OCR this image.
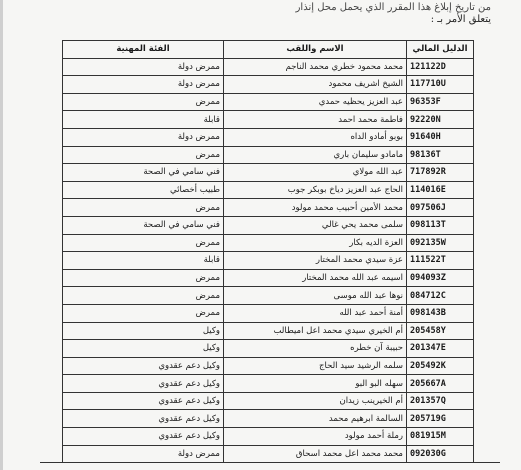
من تاريخ إبلاغ هذا المقرر الذي يحمل محل إنذار
يتعلق الأمر بـ :
الدليل المالي	الاسم واللقب	الفئة المهنية
121122D	محمد محمود خطري محمد الناجم	ممرض دولة
117710U	الشيخ اشريف محمود	ممرض دولة
96353F	عبد العزيز يحظيه حمدي	ممرض
92220N	فاطمة محمد احمد	قابلة
91640H	بوبو أمادو الداه	ممرض دولة
98136T	مامادو سليمان باري	ممرض
717892R	عبد الله مولاي	فني سامي في الصحة
114016E	الحاج عبد العزيز دياخ بوبكر جوب	طبيب أخصائي
097506J	محمد الأمين أحبيب محمد مولود	ممرض
098113T	سلمى محمد يحي غالي	فني سامي في الصحة
092135W	العزة الديه بكار	ممرض
111522T	عزة سيدي محمد المختار	قابلة
094093Z	اسيمه عبد الله محمد المختار	ممرض
084712C	نوها عبد الله موسى	ممرض
098143B	أمنة أحمد عبد الله	ممرض
205458Y	أم الخيري سيدي محمد اعل اميطالب	وكيل
201347E	حبيبة آن خطره	وكيل
205492K	سلمه الرشيد سيد الحاج	وكيل دعم عقدوي
205667A	سهله البو البو	وكيل دعم عقدوي
201357Q	أم الخيرينب زيدان	وكيل دعم عقدوي
205719G	السالمة ابرهيم محمد	وكيل دعم عقدوي
081915M	رملة أحمد مولود	وكيل دعم عقدوي
092030G	محمد محمد اعل محمد اسحاق	ممرض دولة
